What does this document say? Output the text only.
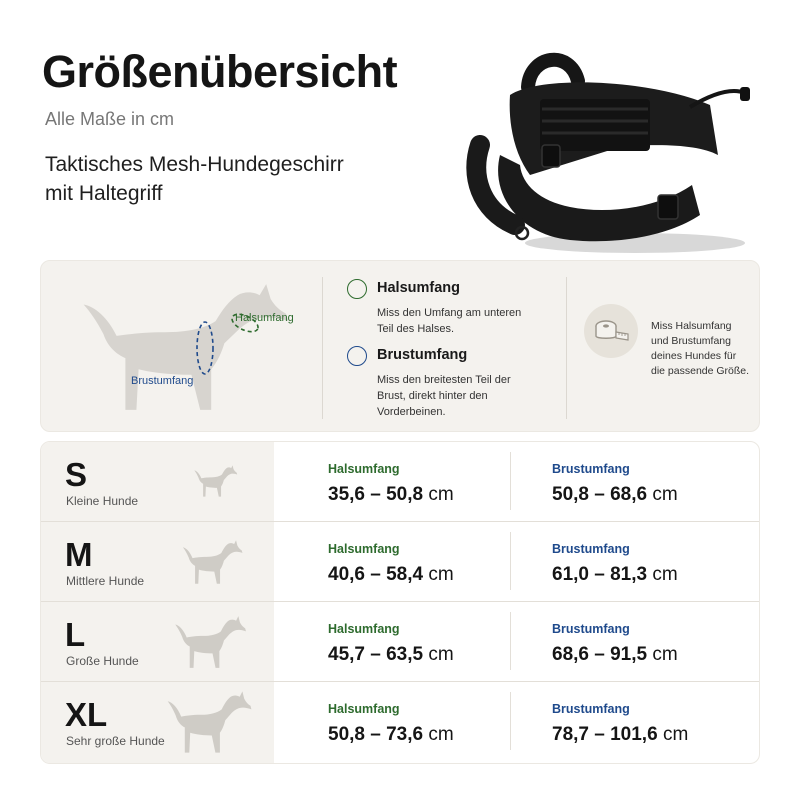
Größenübersicht
Alle Maße in cm
Taktisches Mesh-Hundegeschirr
mit Haltegriff
Halsumfang
Brustumfang
Halsumfang
Miss den Umfang am unteren
Teil des Halses.
Brustumfang
Miss den breitesten Teil der
Brust, direkt hinter den
Vorderbeinen.
Miss Halsumfang
und Brustumfang
deines Hundes für
die passende Größe.
S
Kleine Hunde
Halsumfang
35,6 – 50,8 cm
Brustumfang
50,8 – 68,6 cm
M
Mittlere Hunde
Halsumfang
40,6 – 58,4 cm
Brustumfang
61,0 – 81,3 cm
L
Große Hunde
Halsumfang
45,7 – 63,5 cm
Brustumfang
68,6 – 91,5 cm
XL
Sehr große Hunde
Halsumfang
50,8 – 73,6 cm
Brustumfang
78,7 – 101,6 cm
